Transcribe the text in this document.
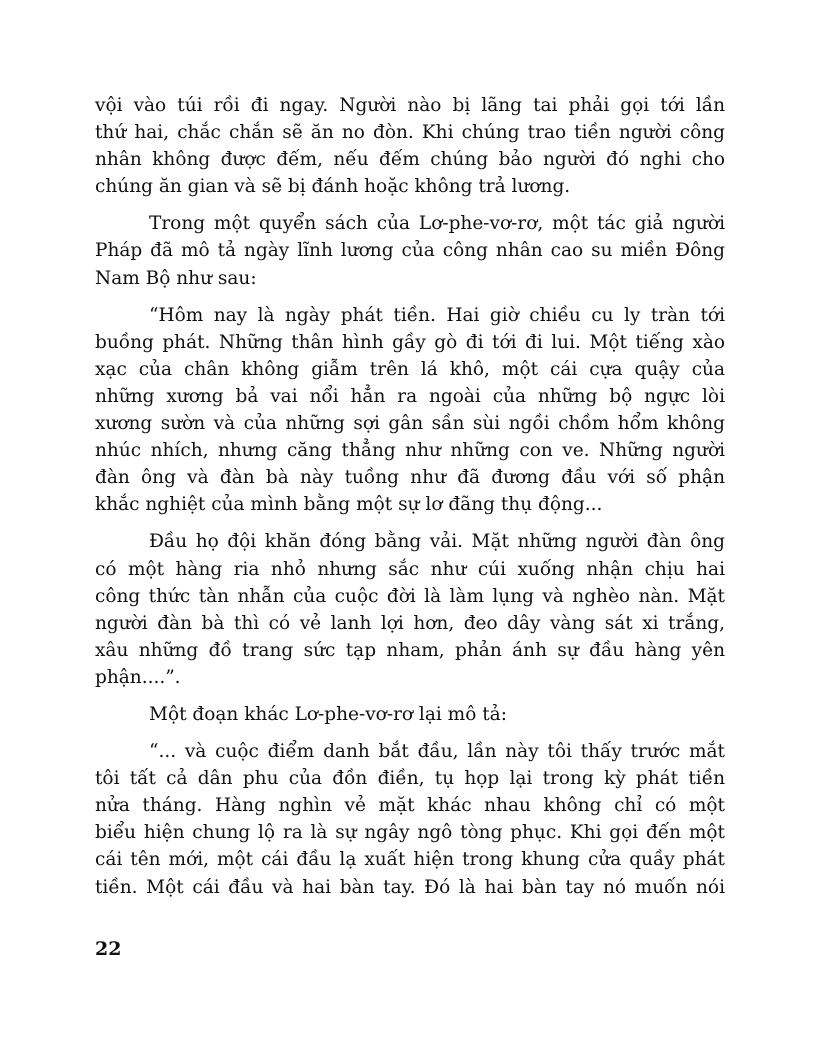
vội vào túi rồi đi ngay. Người nào bị lãng tai phải gọi tới lần
thứ hai, chắc chắn sẽ ăn no đòn. Khi chúng trao tiền người công
nhân không được đếm, nếu đếm chúng bảo người đó nghi cho
chúng ăn gian và sẽ bị đánh hoặc không trả lương.
Trong một quyển sách của Lơ-phe-vơ-rơ, một tác giả người
Pháp đã mô tả ngày lĩnh lương của công nhân cao su miền Đông
Nam Bộ như sau:
“Hôm nay là ngày phát tiền. Hai giờ chiều cu ly tràn tới
buồng phát. Những thân hình gầy gò đi tới đi lui. Một tiếng xào
xạc của chân không giẫm trên lá khô, một cái cựa quậy của
những xương bả vai nổi hẳn ra ngoài của những bộ ngực lòi
xương sườn và của những sợi gân sần sùi ngồi chồm hổm không
nhúc nhích, nhưng căng thẳng như những con ve. Những người
đàn ông và đàn bà này tuồng như đã đương đầu với số phận
khắc nghiệt của mình bằng một sự lơ đãng thụ động...
Đầu họ đội khăn đóng bằng vải. Mặt những người đàn ông
có một hàng ria nhỏ nhưng sắc như cúi xuống nhận chịu hai
công thức tàn nhẫn của cuộc đời là làm lụng và nghèo nàn. Mặt
người đàn bà thì có vẻ lanh lợi hơn, đeo dây vàng sát xi trắng,
xâu những đồ trang sức tạp nham, phản ánh sự đầu hàng yên
phận....”.
Một đoạn khác Lơ-phe-vơ-rơ lại mô tả:
“... và cuộc điểm danh bắt đầu, lần này tôi thấy trước mắt
tôi tất cả dân phu của đồn điền, tụ họp lại trong kỳ phát tiền
nửa tháng. Hàng nghìn vẻ mặt khác nhau không chỉ có một
biểu hiện chung lộ ra là sự ngây ngô tòng phục. Khi gọi đến một
cái tên mới, một cái đầu lạ xuất hiện trong khung cửa quầy phát
tiền. Một cái đầu và hai bàn tay. Đó là hai bàn tay nó muốn nói
22
